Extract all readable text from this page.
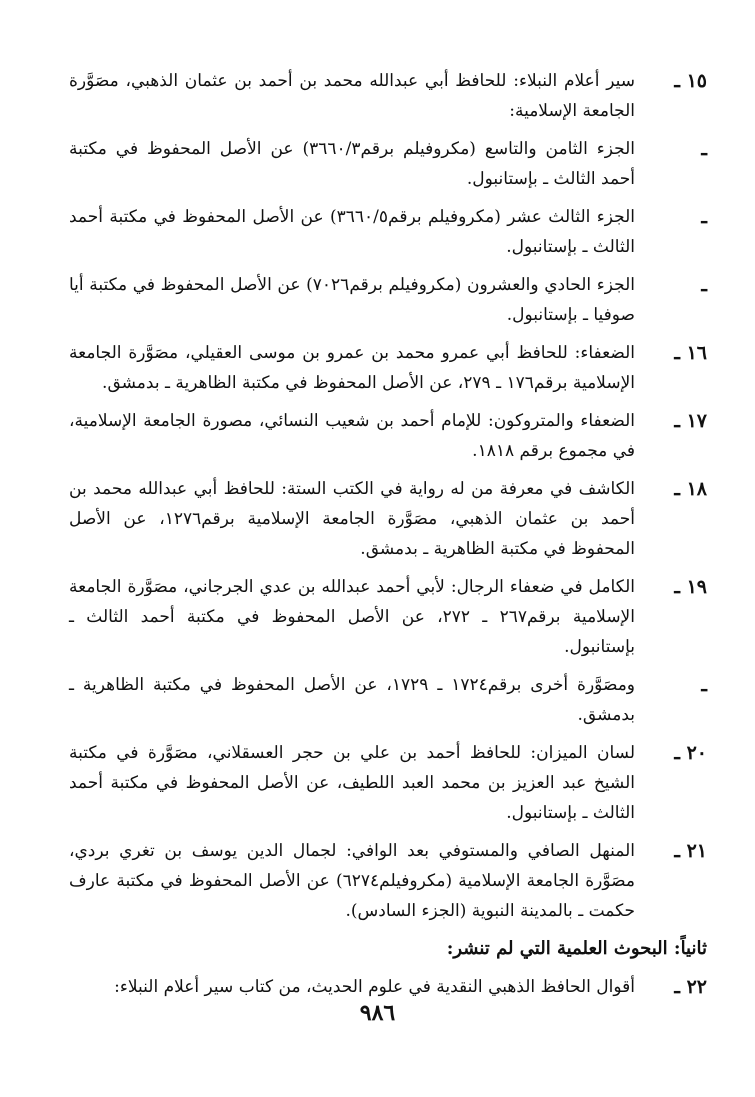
١٥ ـ
سير أعلام النبلاء: للحافظ أبي عبدالله محمد بن أحمد بن عثمان الذهبي، مصَوَّرة الجامعة الإسلامية:
ـ
الجزء الثامن والتاسع (مكروفيلم برقم٣٦٦٠/٣) عن الأصل المحفوظ في مكتبة أحمد الثالث ـ بإستانبول.
ـ
الجزء الثالث عشر (مكروفيلم برقم٣٦٦٠/٥) عن الأصل المحفوظ في مكتبة أحمد الثالث ـ بإستانبول.
ـ
الجزء الحادي والعشرون (مكروفيلم برقم٧٠٢٦) عن الأصل المحفوظ في مكتبة أيا صوفيا ـ بإستانبول.
١٦ ـ
الضعفاء: للحافظ أبي عمرو محمد بن عمرو بن موسى العقيلي، مصَوَّرة الجامعة الإسلامية برقم١٧٦ ـ ٢٧٩، عن الأصل المحفوظ في مكتبة الظاهرية ـ بدمشق.
١٧ ـ
الضعفاء والمتروكون: للإمام أحمد بن شعيب النسائي، مصورة الجامعة الإسلامية، في مجموع برقم ١٨١٨.
١٨ ـ
الكاشف في معرفة من له رواية في الكتب الستة: للحافظ أبي عبدالله محمد بن أحمد بن عثمان الذهبي، مصَوَّرة الجامعة الإسلامية برقم١٢٧٦، عن الأصل المحفوظ في مكتبة الظاهرية ـ بدمشق.
١٩ ـ
الكامل في ضعفاء الرجال: لأبي أحمد عبدالله بن عدي الجرجاني، مصَوَّرة الجامعة الإسلامية برقم٢٦٧ ـ ٢٧٢، عن الأصل المحفوظ في مكتبة أحمد الثالث ـ بإستانبول.
ـ
ومصَوَّرة أخرى برقم١٧٢٤ ـ ١٧٢٩، عن الأصل المحفوظ في مكتبة الظاهرية ـ بدمشق.
٢٠ ـ
لسان الميزان: للحافظ أحمد بن علي بن حجر العسقلاني، مصَوَّرة في مكتبة الشيخ عبد العزيز بن محمد العبد اللطيف، عن الأصل المحفوظ في مكتبة أحمد الثالث ـ بإستانبول.
٢١ ـ
المنهل الصافي والمستوفي بعد الوافي: لجمال الدين يوسف بن تغري بردي، مصَوَّرة الجامعة الإسلامية (مكروفيلم٦٢٧٤) عن الأصل المحفوظ في مكتبة عارف حكمت ـ بالمدينة النبوية (الجزء السادس).
ثانياً: البحوث العلمية التي لم تنشر:
٢٢ ـ
أقوال الحافظ الذهبي النقدية في علوم الحديث، من كتاب سير أعلام النبلاء:
٩٨٦
